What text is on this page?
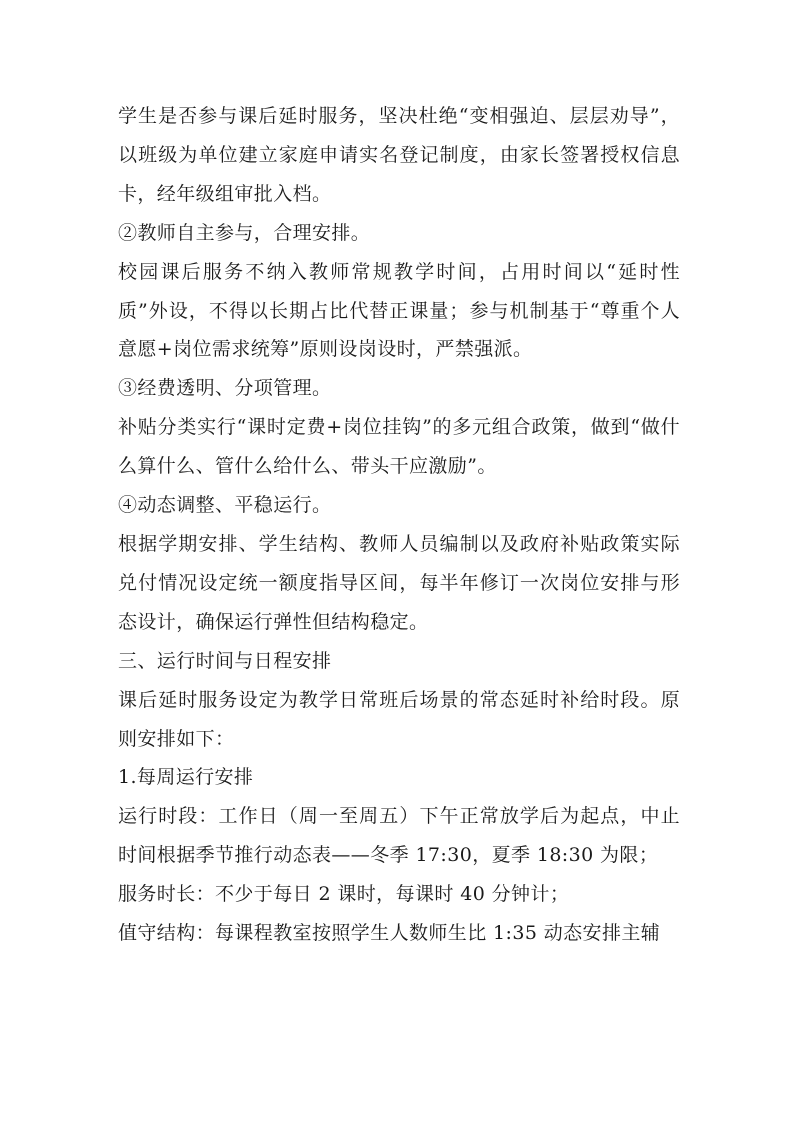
学生是否参与课后延时服务，坚决杜绝“变相强迫、层层劝导”，以班级为单位建立家庭申请实名登记制度，由家长签署授权信息卡，经年级组审批入档。

②教师自主参与，合理安排。

校园课后服务不纳入教师常规教学时间，占用时间以“延时性质”外设，不得以长期占比代替正课量；参与机制基于“尊重个人意愿+岗位需求统筹”原则设岗设时，严禁强派。

③经费透明、分项管理。

补贴分类实行“课时定费+岗位挂钩”的多元组合政策，做到“做什么算什么、管什么给什么、带头干应激励”。

④动态调整、平稳运行。

根据学期安排、学生结构、教师人员编制以及政府补贴政策实际兑付情况设定统一额度指导区间，每半年修订一次岗位安排与形态设计，确保运行弹性但结构稳定。

三、运行时间与日程安排

课后延时服务设定为教学日常班后场景的常态延时补给时段。原则安排如下：

1.每周运行安排

运行时段：工作日（周一至周五）下午正常放学后为起点，中止时间根据季节推行动态表——冬季 17:30，夏季 18:30 为限；

服务时长：不少于每日 2 课时，每课时 40 分钟计；

值守结构：每课程教室按照学生人数师生比 1:35 动态安排主辅
